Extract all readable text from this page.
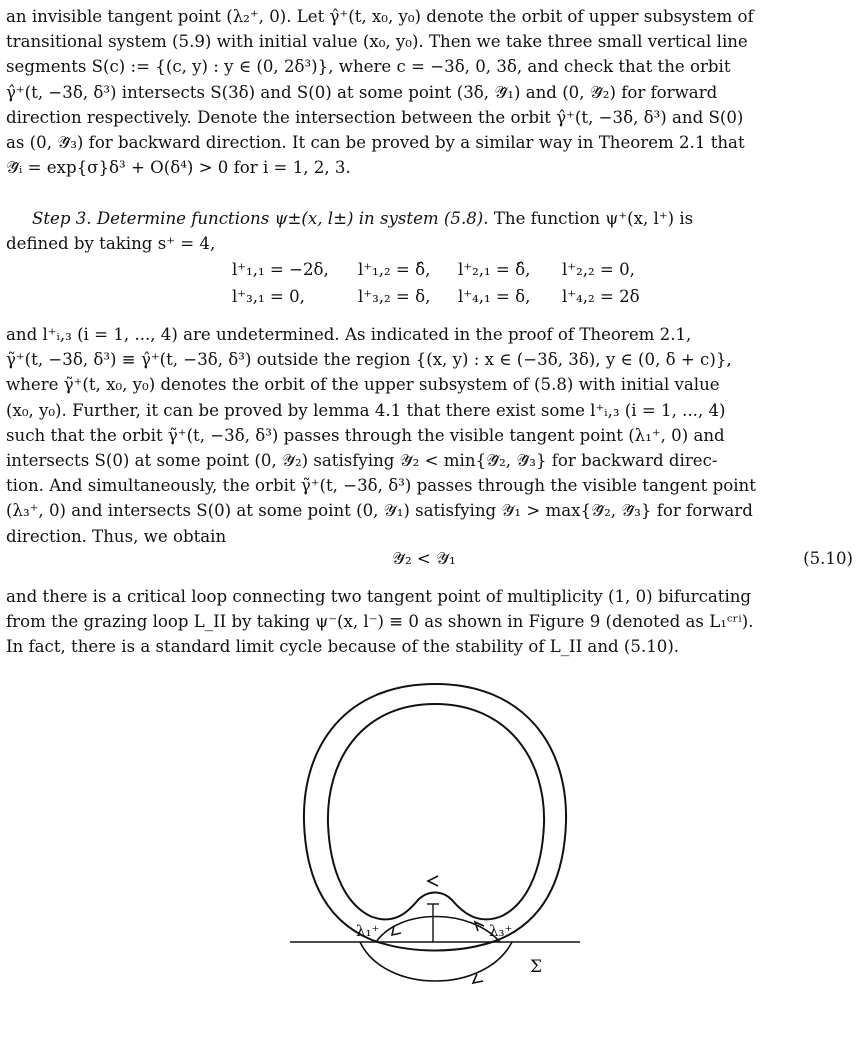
an invisible tangent point (λ₂⁺, 0). Let γ̂⁺(t, x₀, y₀) denote the orbit of upper subsystem of
transitional system (5.9) with initial value (x₀, y₀). Then we take three small vertical line
segments S(c) := {(c, y) : y ∈ (0, 2δ³)}, where c = −3δ, 0, 3δ, and check that the orbit
γ̂⁺(t, −3δ, δ³) intersects S(3δ) and S(0) at some point (3δ, 𝒴̂₁) and (0, 𝒴̂₂) for forward
direction respectively. Denote the intersection between the orbit γ̂⁺(t, −3δ, δ³) and S(0)
as (0, 𝒴̂₃) for backward direction. It can be proved by a similar way in Theorem 2.1 that
𝒴̂ᵢ = exp{σ}δ³ + O(δ⁴) > 0 for i = 1, 2, 3.
Step 3. Determine functions ψ±(x, l±) in system (5.8). The function ψ⁺(x, l⁺) is
defined by taking s⁺ = 4,
l⁺₁,₁ = −2δ, l⁺₁,₂ = δ̂, l⁺₂,₁ = δ̂, l⁺₂,₂ = 0,
l⁺₃,₁ = 0,	l⁺₃,₂ = δ, l⁺₄,₁ = δ, l⁺₄,₂ = 2δ
and l⁺ᵢ,₃ (i = 1, ..., 4) are undetermined. As indicated in the proof of Theorem 2.1,
γ̃⁺(t, −3δ, δ³) ≡ γ̂⁺(t, −3δ, δ³) outside the region {(x, y) : x ∈ (−3δ, 3δ), y ∈ (0, δ + c)},
where γ̃⁺(t, x₀, y₀) denotes the orbit of the upper subsystem of (5.8) with initial value
(x₀, y₀). Further, it can be proved by lemma 4.1 that there exist some l⁺ᵢ,₃ (i = 1, ..., 4)
such that the orbit γ̃⁺(t, −3δ, δ³) passes through the visible tangent point (λ₁⁺, 0) and
intersects S(0) at some point (0, 𝒴̃₂) satisfying 𝒴̃₂ < min{𝒴̂₂, 𝒴̂₃} for backward direc-
tion. And simultaneously, the orbit γ̃⁺(t, −3δ, δ³) passes through the visible tangent point
(λ₃⁺, 0) and intersects S(0) at some point (0, 𝒴̃₁) satisfying 𝒴̃₁ > max{𝒴̂₂, 𝒴̂₃} for forward
direction. Thus, we obtain
𝒴̃₂ < 𝒴̃₁	(5.10)
and there is a critical loop connecting two tangent point of multiplicity (1, 0) bifurcating
from the grazing loop L_II by taking ψ⁻(x, l⁻) ≡ 0 as shown in Figure 9 (denoted as L₁ᶜʳⁱ).
In fact, there is a standard limit cycle because of the stability of L_II and (5.10).
λ₁⁺	λ₃⁺
Σ
